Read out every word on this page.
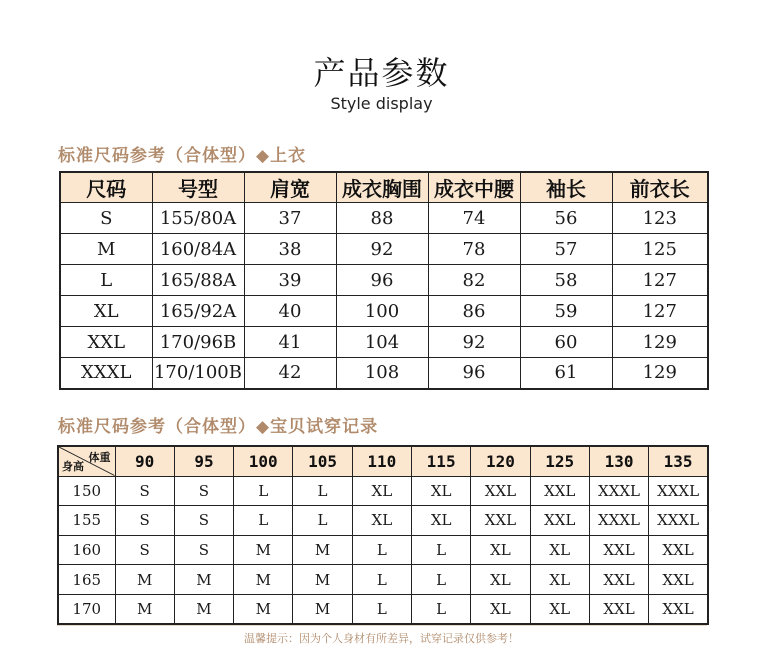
产品参数
Style display
标准尺码参考（合体型）◆上衣
尺码	号型	肩宽	成衣胸围	成衣中腰	袖长	前衣长
S	155/80A	37	88	74	56	123
M	160/84A	38	92	78	57	125
L	165/88A	39	96	82	58	127
XL	165/92A	40	100	86	59	127
XXL	170/96B	41	104	92	60	129
XXXL	170/100B	42	108	96	61	129
标准尺码参考（合体型）◆宝贝试穿记录
体重
身高	90	95	100	105	110	115	120	125	130	135
150	S	S	L	L	XL	XL	XXL	XXL	XXXL	XXXL
155	S	S	L	L	XL	XL	XXL	XXL	XXXL	XXXL
160	S	S	M	M	L	L	XL	XL	XXL	XXL
165	M	M	M	M	L	L	XL	XL	XXL	XXL
170	M	M	M	M	L	L	XL	XL	XXL	XXL
温馨提示：因为个人身材有所差异，试穿记录仅供参考！
